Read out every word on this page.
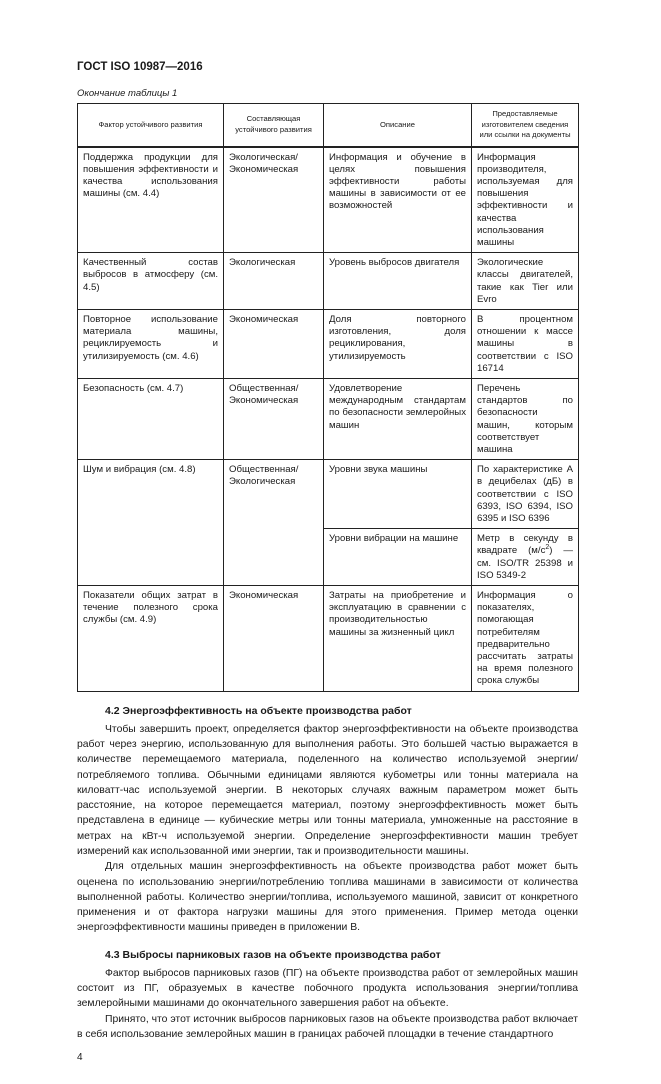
ГОСТ ISO 10987—2016
Окончание таблицы 1
Фактор устойчивого развития	Составляющая устойчивого развития	Описание	Предоставляемые изготовителем сведения или ссылки на документы
Поддержка продукции для повышения эффективности и качества использования машины (см. 4.4)	Экологическая/ Экономическая	Информация и обучение в целях повышения эффективности работы машины в зависимости от ее возможностей	Информация производителя, используемая для повышения эффективности и качества использования машины
Качественный состав выбросов в атмосферу (см. 4.5)	Экологическая	Уровень выбросов двигателя	Экологические классы двигателей, такие как Tier или Evro
Повторное использование материала машины, рециклируемость и утилизируемость (см. 4.6)	Экономическая	Доля повторного изготовления, доля рециклирования, утилизируемость	В процентном отношении к массе машины в соответствии с ISO 16714
Безопасность (см. 4.7)	Общественная/ Экономическая	Удовлетворение международным стандартам по безопасности землеройных машин	Перечень стандартов по безопасности машин, которым соответствует машина
Шум и вибрация (см. 4.8)	Общественная/ Экологическая	Уровни звука машины	По характеристике А в децибелах (дБ) в соответствии с ISO 6393, ISO 6394, ISO 6395 и ISO 6396
		Уровни вибрации на машине	Метр в секунду в квадрате $(м/с^2)$ — см. ISO/TR 25398 и ISO 5349-2
Показатели общих затрат в течение полезного срока службы (см. 4.9)	Экономическая	Затраты на приобретение и эксплуатацию в сравнении с производительностью машины за жизненный цикл	Информация о показателях, помогающая потребителям предварительно рассчитать затраты на время полезного срока службы
4.2 Энергоэффективность на объекте производства работ

Чтобы завершить проект, определяется фактор энергоэффективности на объекте производства работ через энергию, использованную для выполнения работы. Это большей частью выражается в количестве перемещаемого материала, поделенного на количество используемой энергии/потребляемого топлива. Обычными единицами являются кубометры или тонны материала на киловатт-час используемой энергии. В некоторых случаях важным параметром может быть расстояние, на которое перемещается материал, поэтому энергоэффективность может быть представлена в единице — кубические метры или тонны материала, умноженные на расстояние в метрах на кВт-ч используемой энергии. Определение энергоэффективности машин требует измерений как использованной ими энергии, так и производительности машины.

Для отдельных машин энергоэффективность на объекте производства работ может быть оценена по использованию энергии/потреблению топлива машинами в зависимости от количества выполненной работы. Количество энергии/топлива, используемого машиной, зависит от конкретного применения и от фактора нагрузки машины для этого применения. Пример метода оценки энергоэффективности машины приведен в приложении В.

4.3 Выбросы парниковых газов на объекте производства работ

Фактор выбросов парниковых газов (ПГ) на объекте производства работ от землеройных машин состоит из ПГ, образуемых в качестве побочного продукта использования энергии/топлива землеройными машинами до окончательного завершения работ на объекте.

Принято, что этот источник выбросов парниковых газов на объекте производства работ включает в себя использование землеройных машин в границах рабочей площадки в течение стандартного

4
